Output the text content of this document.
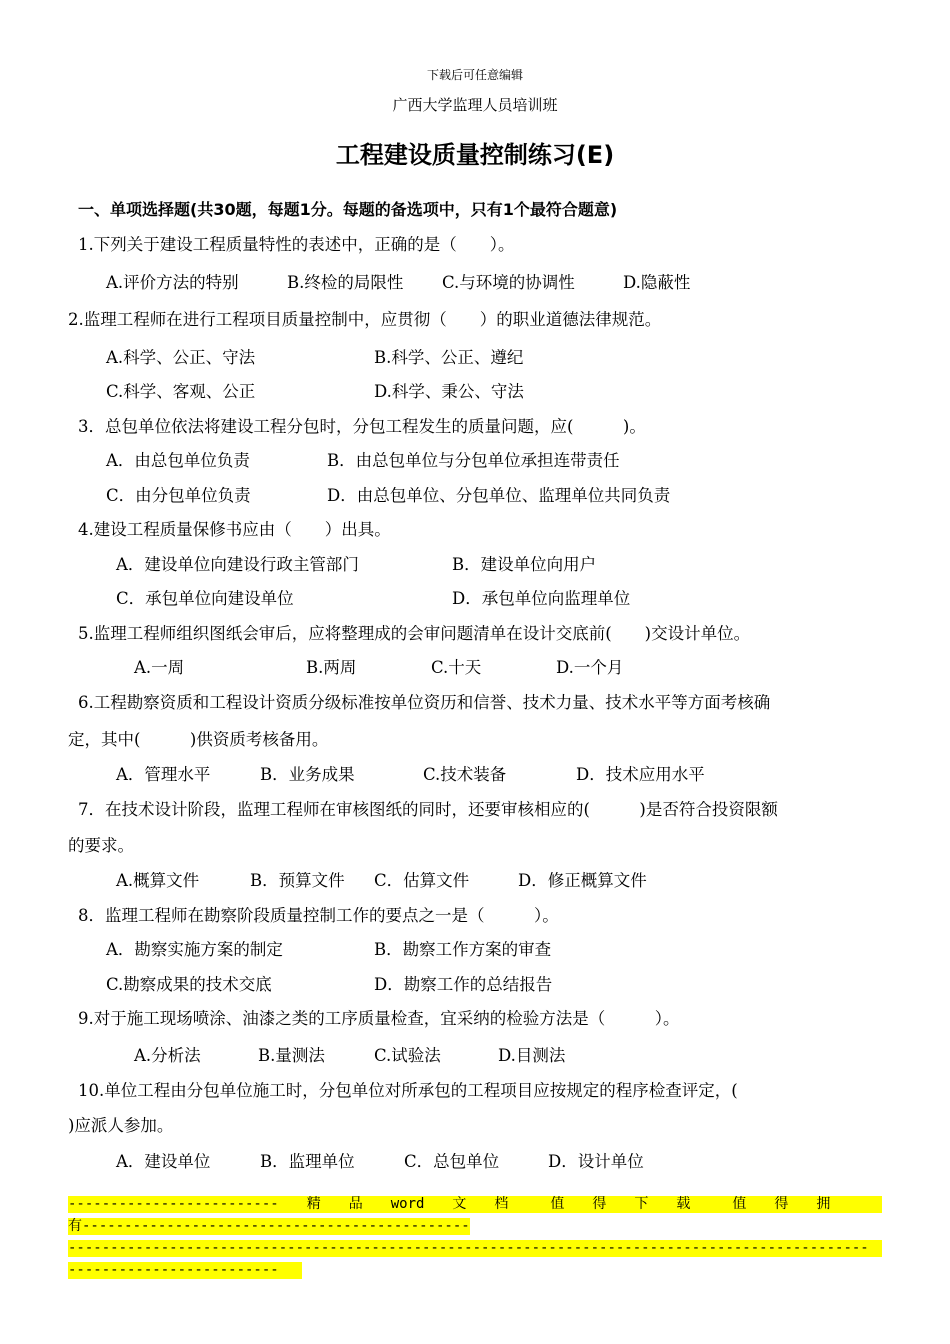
下载后可任意编辑
广西大学监理人员培训班
工程建设质量控制练习(E)
一、单项选择题(共30题，每题1分。每题的备选项中，只有1个最符合题意)
1.下列关于建设工程质量特性的表述中，正确的是（　　）。
A.评价方法的特别	B.终检的局限性 C.与环境的协调性	D.隐蔽性
2.监理工程师在进行工程项目质量控制中，应贯彻（　　）的职业道德法律规范。
A.科学、公正、守法	B.科学、公正、遵纪
C.科学、客观、公正	D.科学、秉公、守法
3．总包单位依法将建设工程分包时，分包工程发生的质量问题，应(　　　)。
A．由总包单位负责	B．由总包单位与分包单位承担连带责任
C．由分包单位负责	D．由总包单位、分包单位、监理单位共同负责
4.建设工程质量保修书应由（　　）出具。
A．建设单位向建设行政主管部门	B．建设单位向用户
C．承包单位向建设单位	D．承包单位向监理单位
5.监理工程师组织图纸会审后，应将整理成的会审问题清单在设计交底前(　　)交设计单位。
A.一周	B.两周	C.十天	D.一个月
6.工程勘察资质和工程设计资质分级标准按单位资历和信誉、技术力量、技术水平等方面考核确
定，其中(　　　)供资质考核备用。
A．管理水平	B．业务成果	C.技术装备	D．技术应用水平
7．在技术设计阶段，监理工程师在审核图纸的同时，还要审核相应的(　　　)是否符合投资限额
的要求。
A.概算文件	B．预算文件 C．估算文件	D．修正概算文件
8．监理工程师在勘察阶段质量控制工作的要点之一是（　　　）。
A．勘察实施方案的制定	B．勘察工作方案的审查
C.勘察成果的技术交底	D．勘察工作的总结报告
9.对于施工现场喷涂、油漆之类的工序质量检查，宜采纳的检验方法是（　　　）。
A.分析法	B.量测法	C.试验法	D.目测法
10.单位工程由分包单位施工时，分包单位对所承包的工程项目应按规定的程序检查评定，(
)应派人参加。
A．建设单位	B．监理单位	C．总包单位	D．设计单位
-------------------------　　精　　品　　word　　文　　档　　　值　　得　　下　　载　　　值　　得　　拥
有----------------------------------------------
-----------------------------------------------------------------------------------------------
-------------------------
